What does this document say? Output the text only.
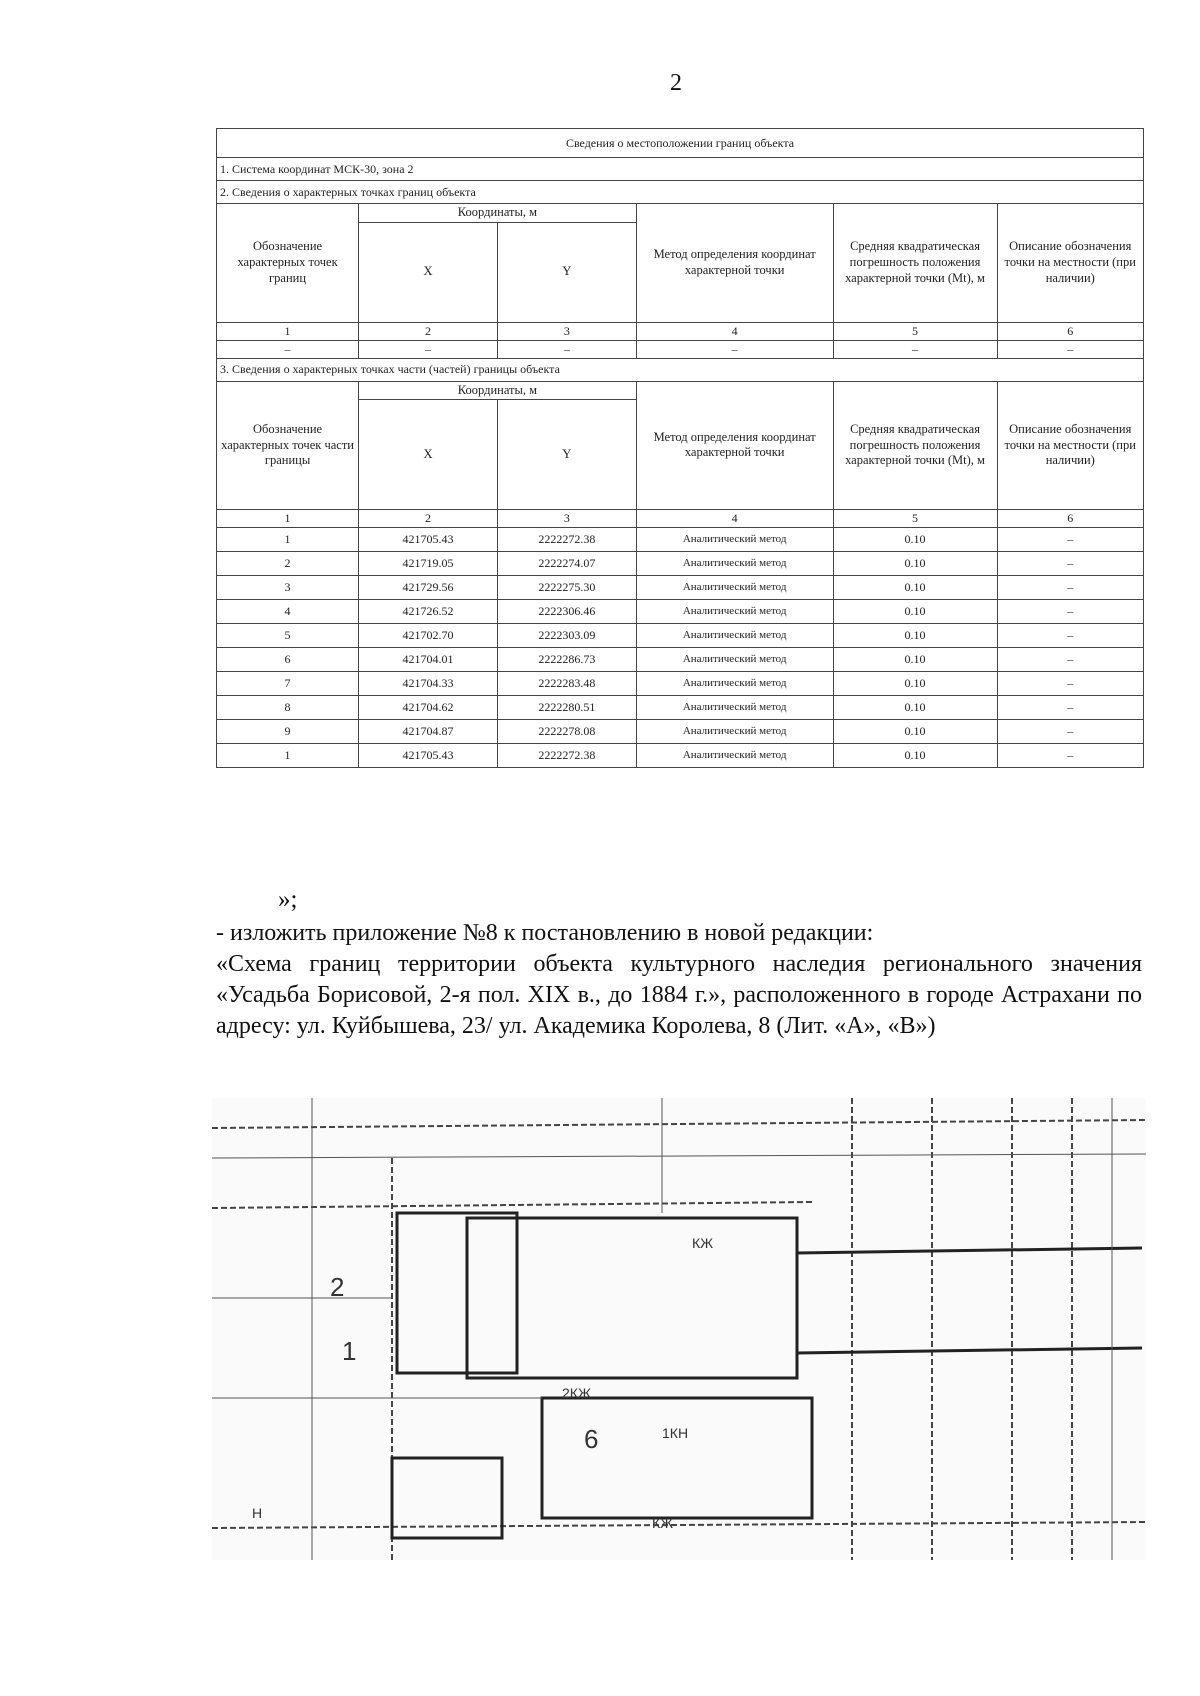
2
Сведения о местоположении границ объекта					
1. Система координат МСК-30, зона 2					
2. Сведения о характерных точках границ объекта					
Обозначение характерных точек границ	Координаты, м		Метод определения координат характерной точки	Средняя квадратическая погрешность положения характерной точки (Mt), м	Описание обозначения точки на местности (при наличии)
	X	Y			
1	2	3	4	5	6
–	–	–	–	–	–
3. Сведения о характерных точках части (частей) границы объекта					
Обозначение характерных точек части границы	Координаты, м		Метод определения координат характерной точки	Средняя квадратическая погрешность положения характерной точки (Mt), м	Описание обозначения точки на местности (при наличии)
	X	Y			
1	2	3	4	5	6
1	421705.43	2222272.38	Аналитический метод	0.10	–
2	421719.05	2222274.07	Аналитический метод	0.10	–
3	421729.56	2222275.30	Аналитический метод	0.10	–
4	421726.52	2222306.46	Аналитический метод	0.10	–
5	421702.70	2222303.09	Аналитический метод	0.10	–
6	421704.01	2222286.73	Аналитический метод	0.10	–
7	421704.33	2222283.48	Аналитический метод	0.10	–
8	421704.62	2222280.51	Аналитический метод	0.10	–
9	421704.87	2222278.08	Аналитический метод	0.10	–
1	421705.43	2222272.38	Аналитический метод	0.10	–
»;

- изложить приложение №8 к постановлению в новой редакции:

«Схема границ территории объекта культурного наследия регионального значения «Усадьба Борисовой, 2-я пол. XIX в., до 1884 г.», расположенного в городе Астрахани по адресу: ул. Куйбышева, 23/ ул. Академика Королева, 8 (Лит. «А», «В»)

2
1
КЖ
2КЖ
6	1КН
КЖ
Н
